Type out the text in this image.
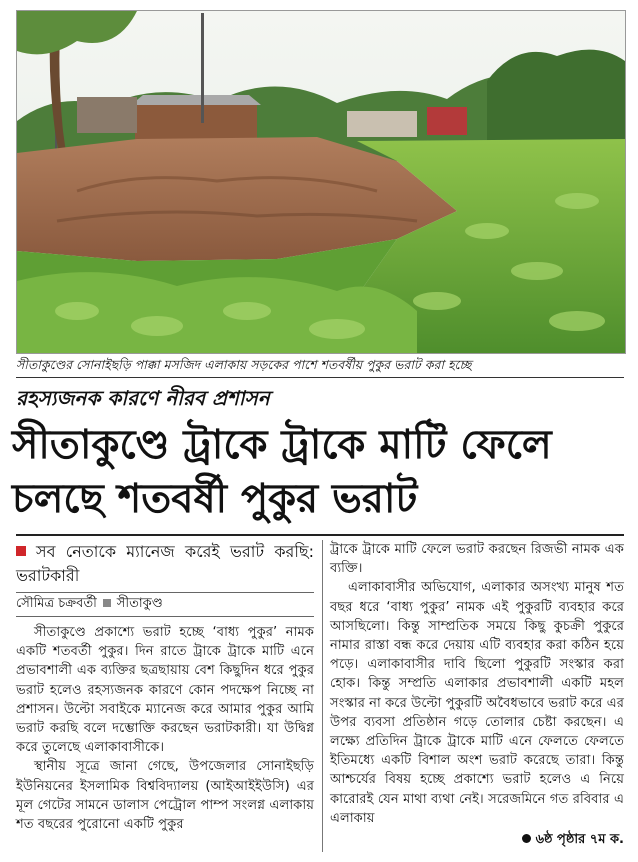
সীতাকুণ্ডের সোনাইছড়ি পাক্কা মসজিদ এলাকায় সড়কের পাশে শতবর্ষীয় পুকুর ভরাট করা হচ্ছে
রহস্যজনক কারণে নীরব প্রশাসন
সীতাকুণ্ডে ট্রাকে ট্রাকে মাটি ফেলে
চলছে শতবর্ষী পুকুর ভরাট
সব নেতাকে ম্যানেজ করেই ভরাট করছি: ভরাটকারী
সৌমিত্র চক্রবর্তী সীতাকুণ্ড

সীতাকুণ্ডে প্রকাশ্যে ভরাট হচ্ছে ‘বাধ্য পুকুর’ নামক একটি শতবর্তী পুকুর। দিন রাতে ট্রাকে ট্রাকে মাটি এনে প্রভাবশালী এক ব্যক্তির ছত্রছায়ায় বেশ কিছুদিন ধরে পুকুর ভরাট হলেও রহস্যজনক কারণে কোন পদক্ষেপ নিচ্ছে না প্রশাসন। উল্টো সবাইকে ম্যানেজ করে আমার পুকুর আমি ভরাট করছি বলে দম্ভোক্তি করছেন ভরাটকারী। যা উদ্বিগ্ন করে তুলেছে এলাকাবাসীকে।

স্থানীয় সূত্রে জানা গেছে, উপজেলার সোনাইছড়ি ইউনিয়নের ইসলামিক বিশ্ববিদ্যালয় (আইআইইউসি) এর মূল গেটের সামনে ডালাস পেট্রোল পাম্প সংলগ্ন এলাকায় শত বছরের পুরোনো একটি পুকুর

ট্রাকে ট্রাকে মাটি ফেলে ভরাট করছেন রিজভী নামক এক ব্যক্তি।

এলাকাবাসীর অভিযোগ, এলাকার অসংখ্য মানুষ শত বছর ধরে ‘বাধ্য পুকুর’ নামক এই পুকুরটি ব্যবহার করে আসছিলো। কিন্তু সাম্প্রতিক সময়ে কিছু কুচক্রী পুকুরে নামার রাস্তা বন্ধ করে দেয়ায় এটি ব্যবহার করা কঠিন হয়ে পড়ে। এলাকাবাসীর দাবি ছিলো পুকুরটি সংস্কার করা হোক। কিন্তু সম্প্রতি এলাকার প্রভাবশালী একটি মহল সংস্কার না করে উল্টো পুকুরটি অবৈধভাবে ভরাট করে এর উপর ব্যবসা প্রতিষ্ঠান গড়ে তোলার চেষ্টা করছেন। এ লক্ষ্যে প্রতিদিন ট্রাকে ট্রাকে মাটি এনে ফেলতে ফেলতে ইতিমধ্যে একটি বিশাল অংশ ভরাট করেছে তারা। কিন্তু আশ্চর্যের বিষয় হচ্ছে প্রকাশ্যে ভরাট হলেও এ নিয়ে কারোরই যেন মাথা ব্যথা নেই। সরেজমিনে গত রবিবার এ এলাকায়

৬ষ্ঠ পৃষ্ঠার ৭ম ক.
